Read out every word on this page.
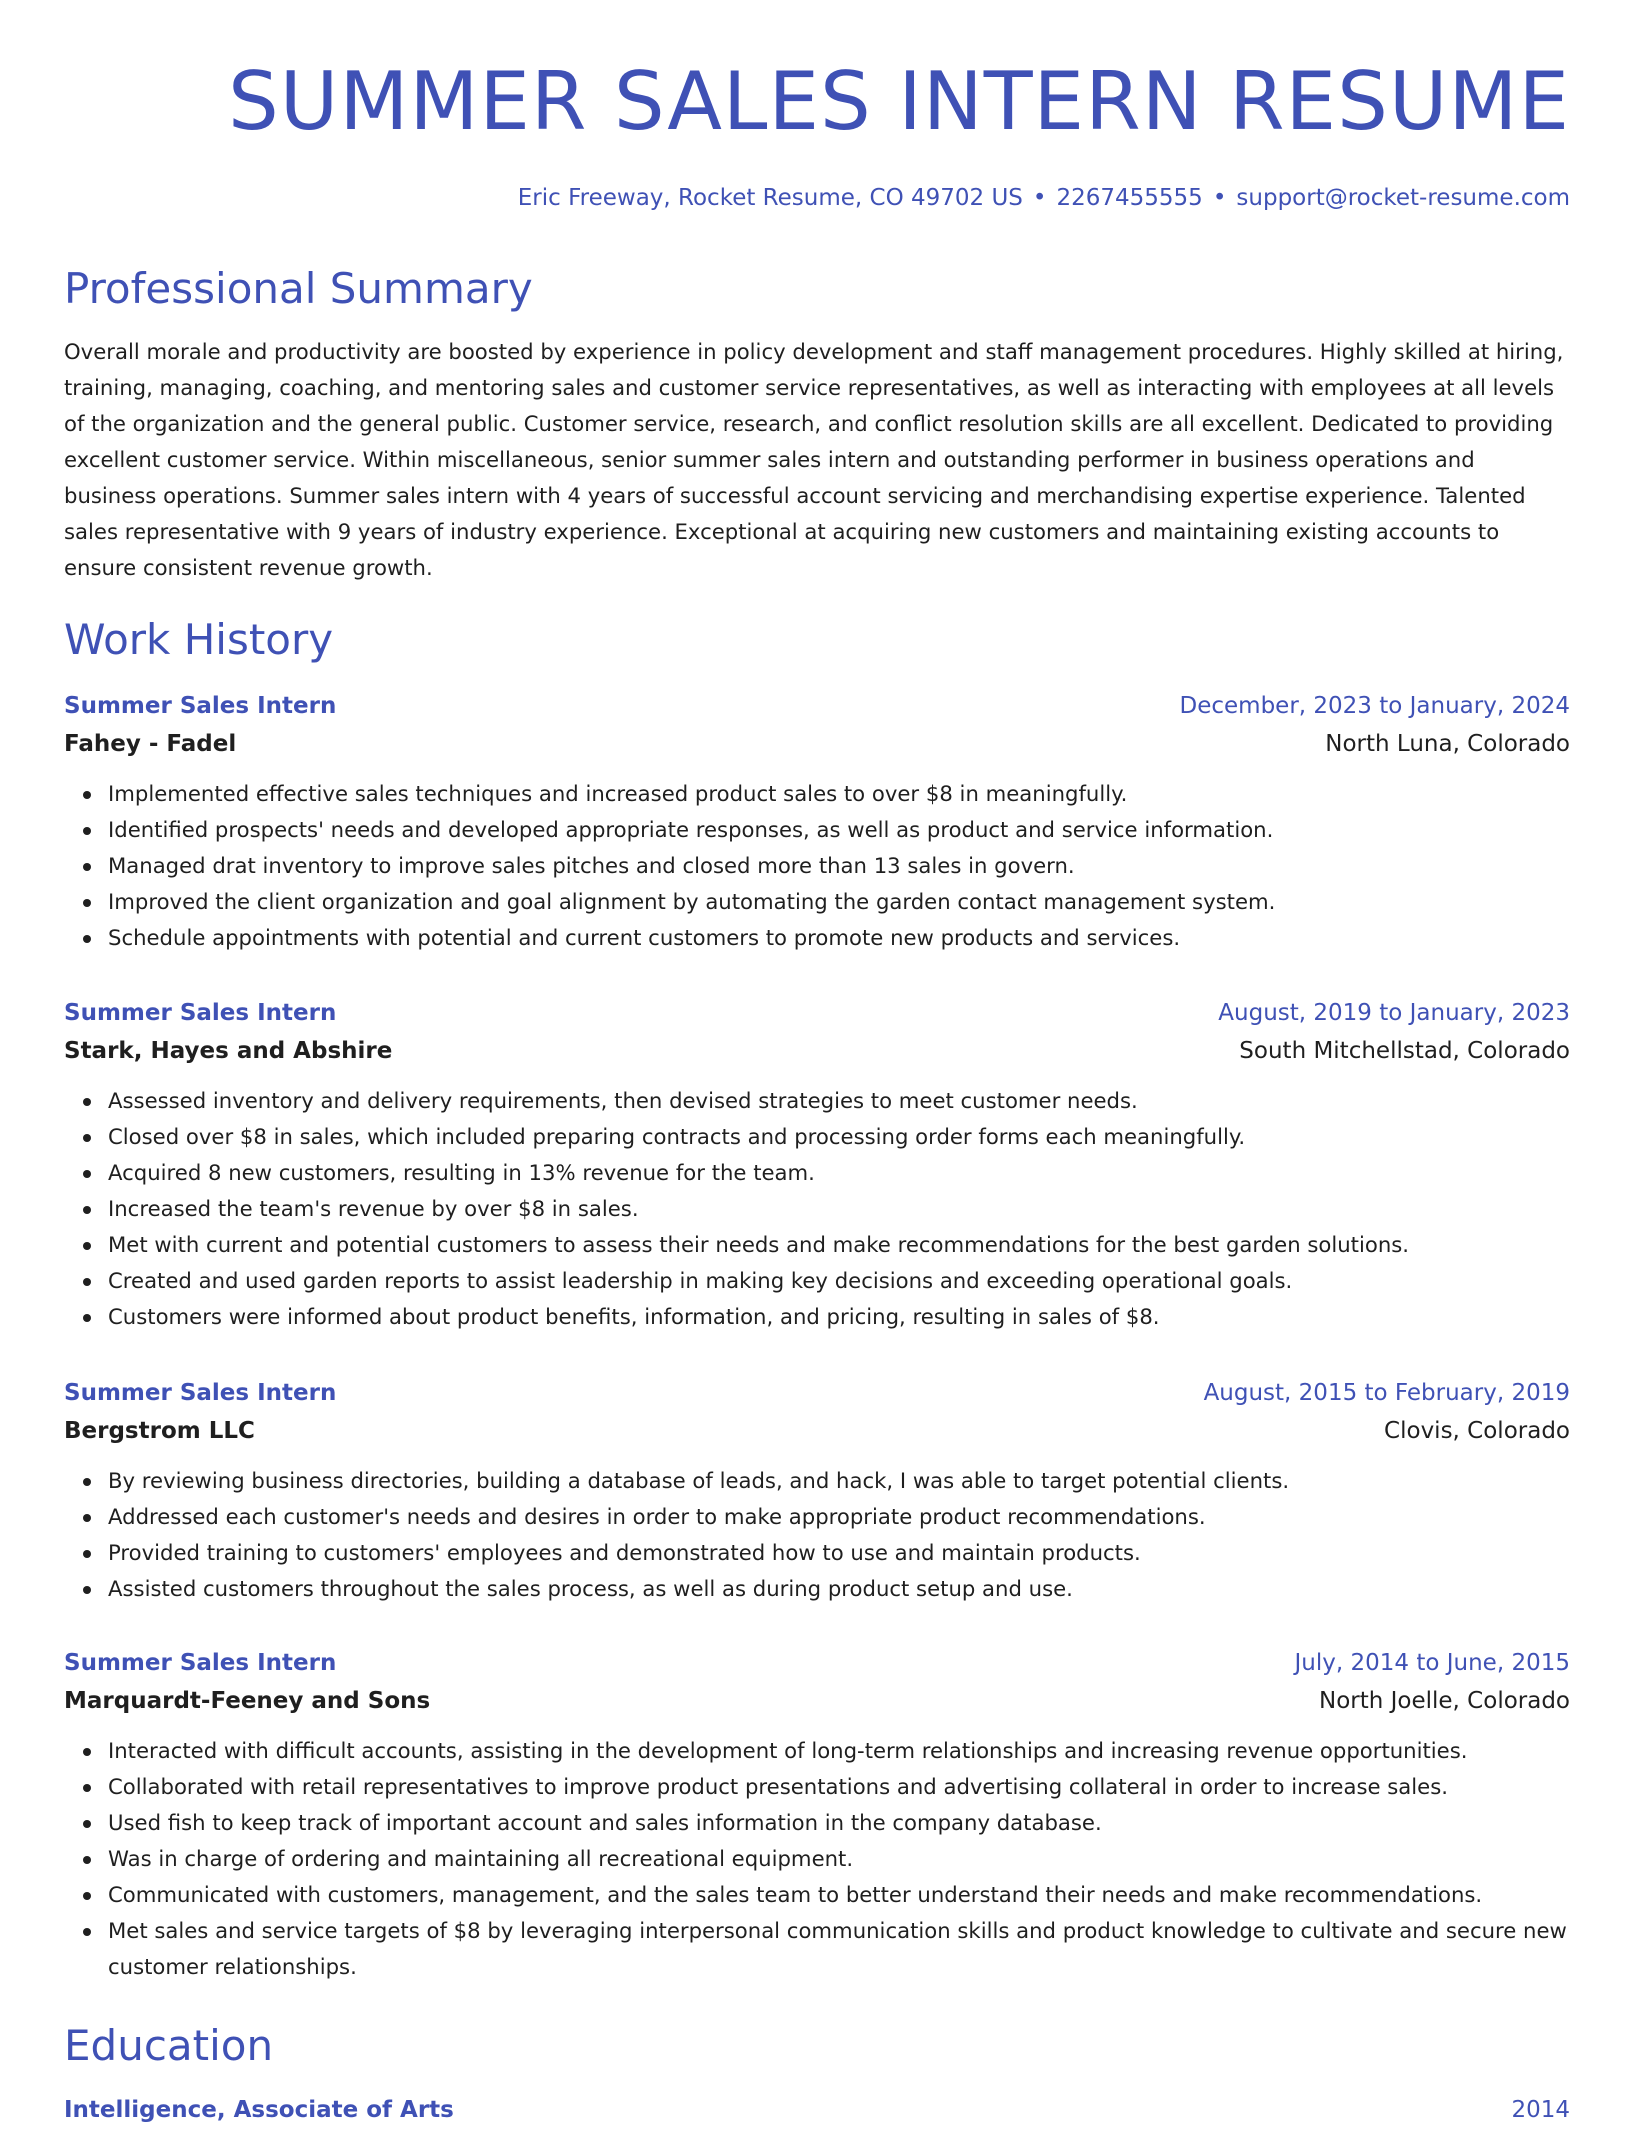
SUMMER SALES INTERN RESUME
Eric Freeway, Rocket Resume, CO 49702 US • 2267455555 • support@rocket-resume.com
Professional Summary

Overall morale and productivity are boosted by experience in policy development and staff management procedures. Highly skilled at hiring, training, managing, coaching, and mentoring sales and customer service representatives, as well as interacting with employees at all levels of the organization and the general public. Customer service, research, and conflict resolution skills are all excellent. Dedicated to providing excellent customer service. Within miscellaneous, senior summer sales intern and outstanding performer in business operations and business operations. Summer sales intern with 4 years of successful account servicing and merchandising expertise experience. Talented sales representative with 9 years of industry experience. Exceptional at acquiring new customers and maintaining existing accounts to ensure consistent revenue growth.

Work History
Summer Sales Intern	December, 2023 to January, 2024
Fahey - Fadel	North Luna, Colorado
Implemented effective sales techniques and increased product sales to over $8 in meaningfully.
Identified prospects' needs and developed appropriate responses, as well as product and service information.
Managed drat inventory to improve sales pitches and closed more than 13 sales in govern.
Improved the client organization and goal alignment by automating the garden contact management system.
Schedule appointments with potential and current customers to promote new products and services.
Summer Sales Intern	August, 2019 to January, 2023
Stark, Hayes and Abshire	South Mitchellstad, Colorado
Assessed inventory and delivery requirements, then devised strategies to meet customer needs.
Closed over $8 in sales, which included preparing contracts and processing order forms each meaningfully.
Acquired 8 new customers, resulting in 13% revenue for the team.
Increased the team's revenue by over $8 in sales.
Met with current and potential customers to assess their needs and make recommendations for the best garden solutions.
Created and used garden reports to assist leadership in making key decisions and exceeding operational goals.
Customers were informed about product benefits, information, and pricing, resulting in sales of $8.
Summer Sales Intern	August, 2015 to February, 2019
Bergstrom LLC	Clovis, Colorado
By reviewing business directories, building a database of leads, and hack, I was able to target potential clients.
Addressed each customer's needs and desires in order to make appropriate product recommendations.
Provided training to customers' employees and demonstrated how to use and maintain products.
Assisted customers throughout the sales process, as well as during product setup and use.
Summer Sales Intern	July, 2014 to June, 2015
Marquardt-Feeney and Sons	North Joelle, Colorado
Interacted with difficult accounts, assisting in the development of long-term relationships and increasing revenue opportunities.
Collaborated with retail representatives to improve product presentations and advertising collateral in order to increase sales.
Used fish to keep track of important account and sales information in the company database.
Was in charge of ordering and maintaining all recreational equipment.
Communicated with customers, management, and the sales team to better understand their needs and make recommendations.
Met sales and service targets of $8 by leveraging interpersonal communication skills and product knowledge to cultivate and secure new customer relationships.
Education
Intelligence, Associate of Arts	2014
